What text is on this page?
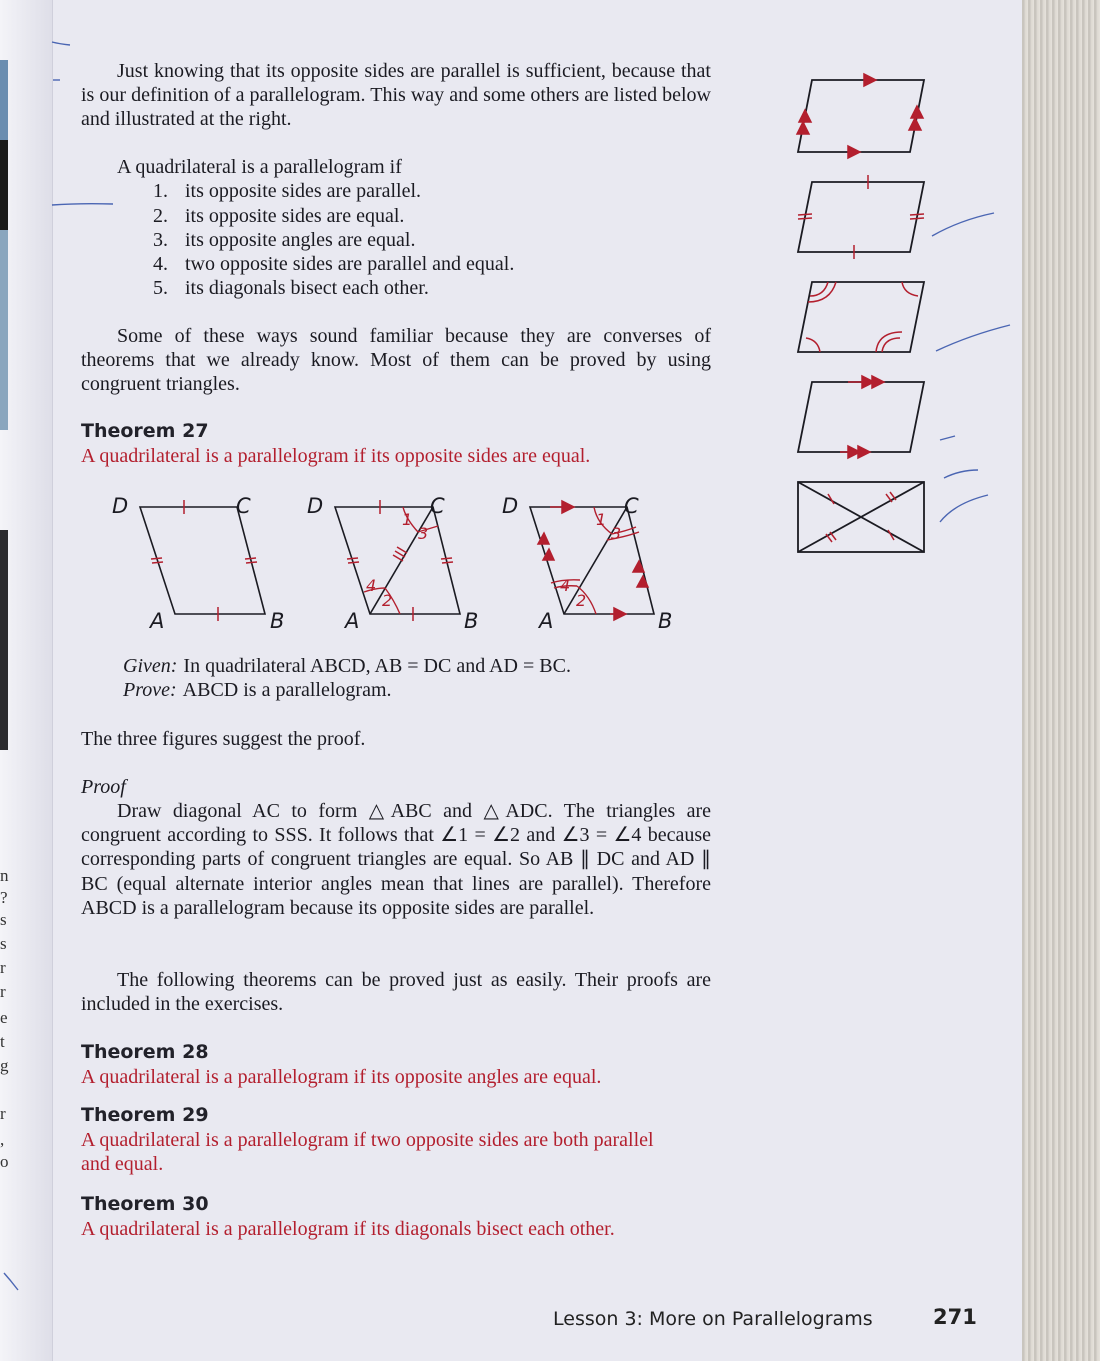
n
?
s
s
r
r
e
t
g
r
,
o
Just knowing that its opposite sides are parallel is sufficient, because that is our definition of a parallelogram. This way and some others are listed below and illustrated at the right.
A quadrilateral is a parallelogram if
1. its opposite sides are parallel.
2. its opposite sides are equal.
3. its opposite angles are equal.
4. two opposite sides are parallel and equal.
5. its diagonals bisect each other.
Some of these ways sound familiar because they are converses of theorems that we already know. Most of them can be proved by using congruent triangles.
Theorem 27
A quadrilateral is a parallelogram if its opposite sides are equal.
D	C
A	B
D	C
A	B
D	C
A	B
1
3
4
2
1
3
4
2
Given: In quadrilateral ABCD, AB = DC and AD = BC.
Prove: ABCD is a parallelogram.
The three figures suggest the proof.
Proof
Draw diagonal AC to form △ABC and △ADC. The triangles are congruent according to SSS. It follows that ∠1 = ∠2 and ∠3 = ∠4 because corresponding parts of congruent triangles are equal. So AB ∥ DC and AD ∥ BC (equal alternate interior angles mean that lines are parallel). Therefore ABCD is a parallelogram because its opposite sides are parallel.
The following theorems can be proved just as easily. Their proofs are included in the exercises.
Theorem 28
A quadrilateral is a parallelogram if its opposite angles are equal.
Theorem 29
A quadrilateral is a parallelogram if two opposite sides are both parallel and equal.
Theorem 30
A quadrilateral is a parallelogram if its diagonals bisect each other.
Lesson 3: More on Parallelograms	271
